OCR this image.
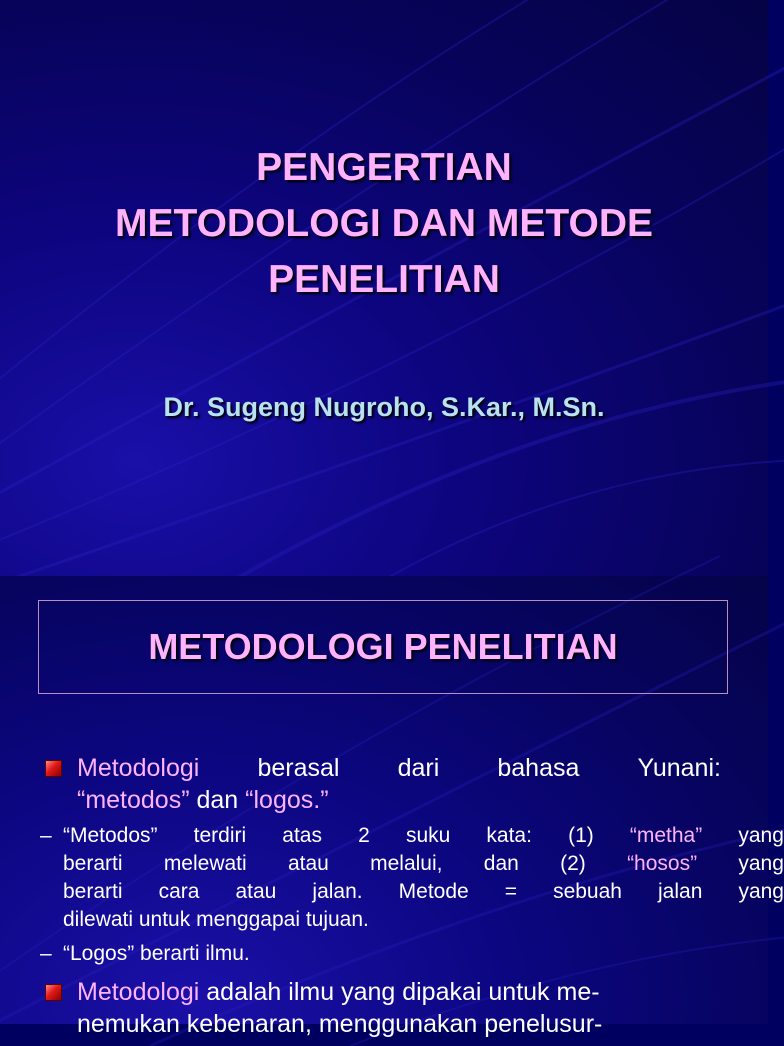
PENGERTIAN
METODOLOGI DAN METODE
PENELITIAN
Dr. Sugeng Nugroho, S.Kar., M.Sn.
METODOLOGI PENELITIAN
Metodologi berasal dari bahasa Yunani:
“metodos” dan “logos.”
– “Metodos” terdiri atas 2 suku kata: (1) “metha” yang
berarti melewati atau melalui, dan (2) “hosos” yang
berarti cara atau jalan. Metode = sebuah jalan yang
dilewati untuk menggapai tujuan.
– “Logos” berarti ilmu.
Metodologi adalah ilmu yang dipakai untuk me-
nemukan kebenaran, menggunakan penelusur-
